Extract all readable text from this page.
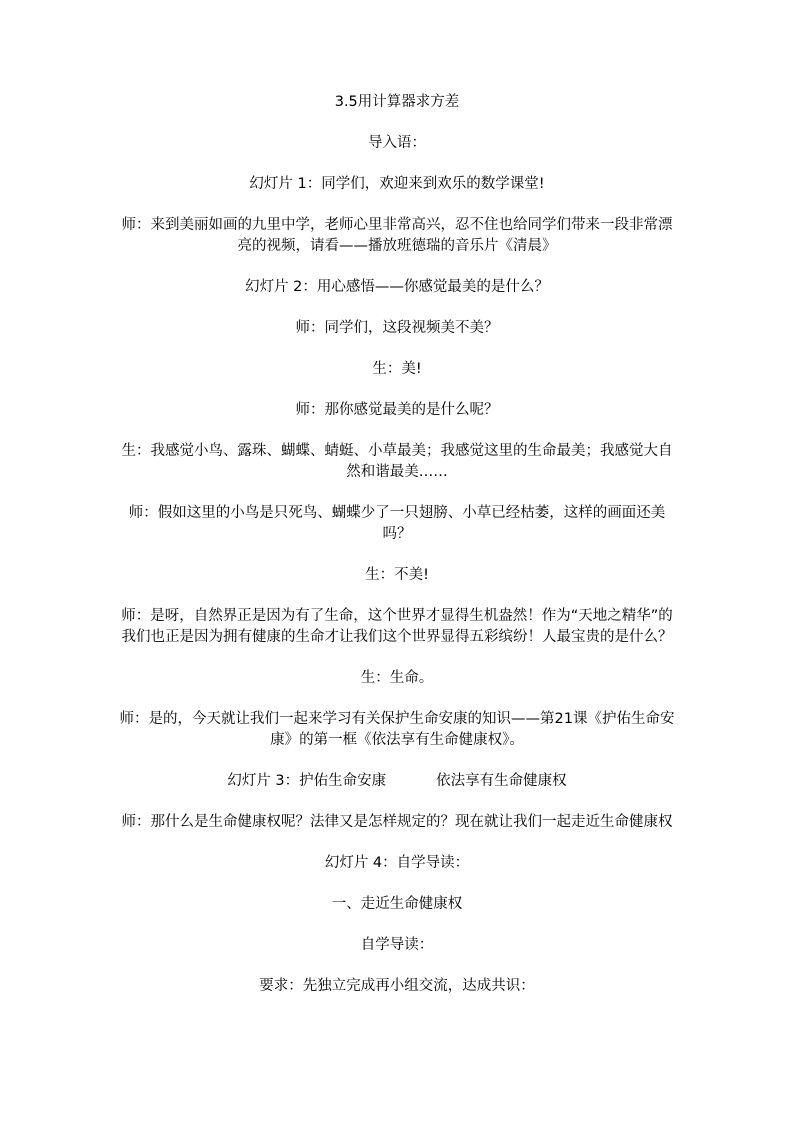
3.5用计算器求方差

导入语：

幻灯片 1：同学们，欢迎来到欢乐的数学课堂!

师：来到美丽如画的九里中学，老师心里非常高兴，忍不住也给同学们带来一段非常漂亮的视频，请看——播放班德瑞的音乐片《清晨》

幻灯片 2：用心感悟——你感觉最美的是什么？

师：同学们，这段视频美不美？

生：美!

师：那你感觉最美的是什么呢？

生：我感觉小鸟、露珠、蝴蝶、蜻蜓、小草最美；我感觉这里的生命最美；我感觉大自然和谐最美……

师：假如这里的小鸟是只死鸟、蝴蝶少了一只翅膀、小草已经枯萎，这样的画面还美吗？

生：不美!

师：是呀，自然界正是因为有了生命，这个世界才显得生机盎然！作为“天地之精华”的我们也正是因为拥有健康的生命才让我们这个世界显得五彩缤纷！人最宝贵的是什么？

生：生命。

师：是的，今天就让我们一起来学习有关保护生命安康的知识——第21课《护佑生命安康》的第一框《依法享有生命健康权》。

幻灯片 3：护佑生命安康	依法享有生命健康权

师：那什么是生命健康权呢？法律又是怎样规定的？现在就让我们一起走近生命健康权

幻灯片 4：自学导读：

一、走近生命健康权

自学导读：

要求：先独立完成再小组交流，达成共识：
